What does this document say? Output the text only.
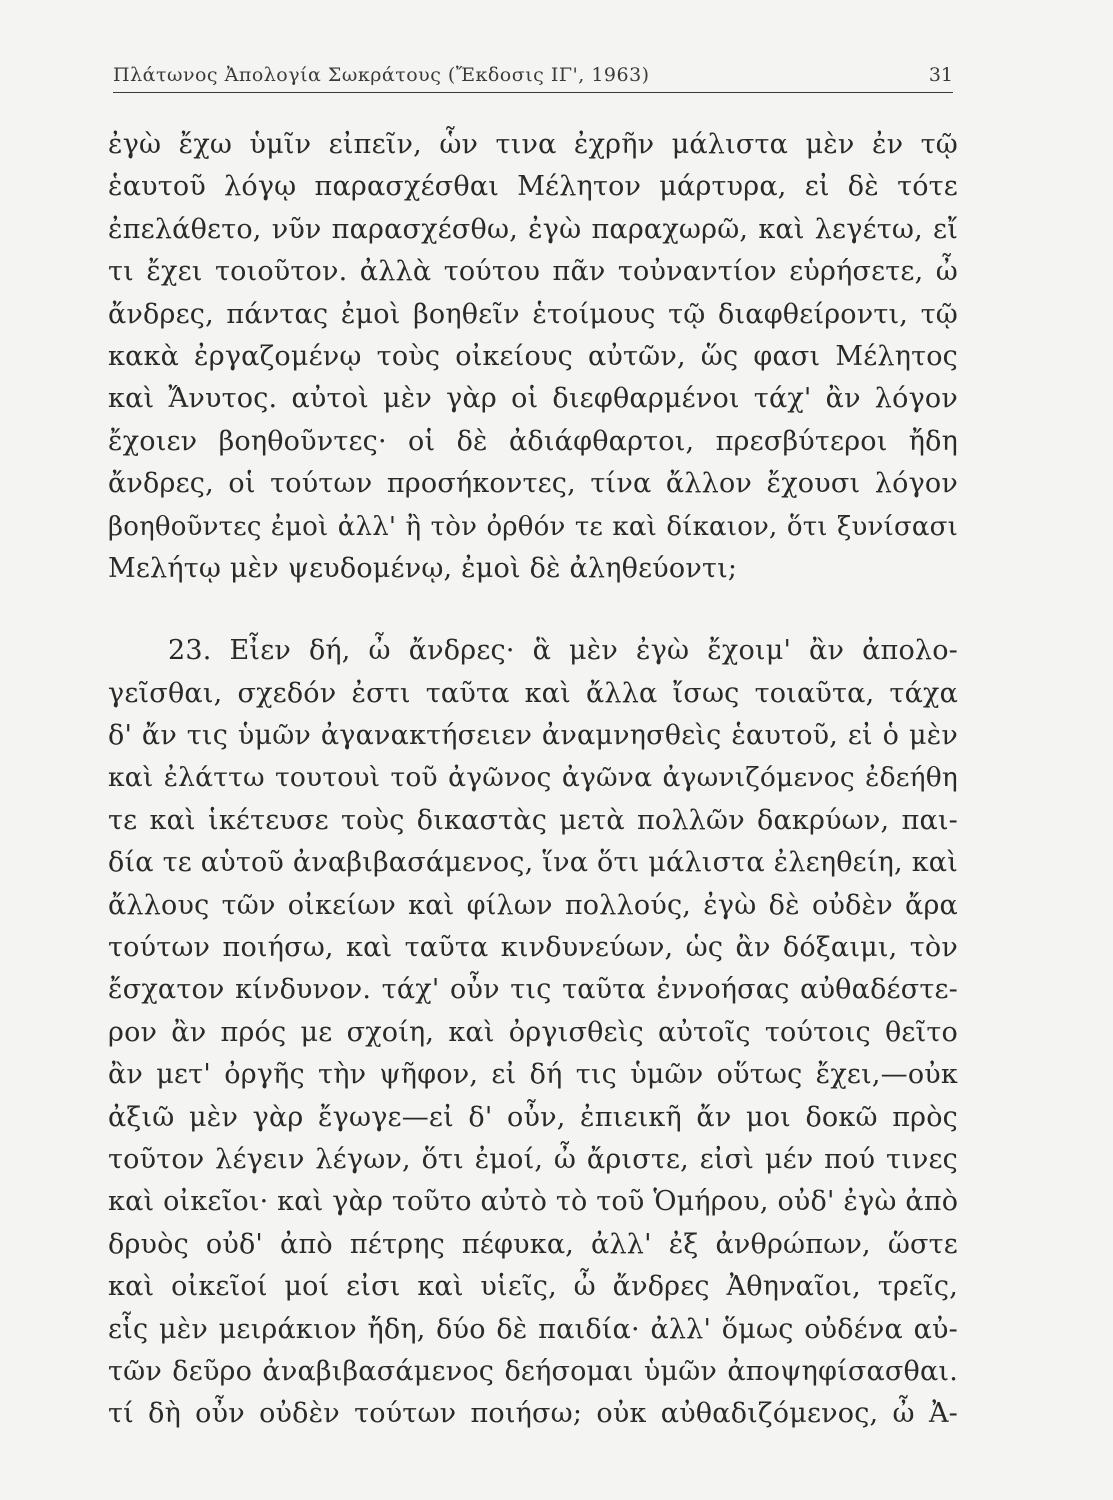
Πλάτωνος Ἀπολογία Σωκράτους (Ἔκδοσις ΙΓ', 1963)	31
ἐγὼ ἔχω ὑμῖν εἰπεῖν, ὧν τινα ἐχρῆν μάλιστα μὲν ἐν τῷ
ἑαυτοῦ λόγῳ παρασχέσθαι Μέλητον μάρτυρα, εἰ δὲ τότε
ἐπελάθετο, νῦν παρασχέσθω, ἐγὼ παραχωρῶ, καὶ λεγέτω, εἴ
τι ἔχει τοιοῦτον. ἀλλὰ τούτου πᾶν τοὐναντίον εὑρήσετε, ὦ
ἄνδρες, πάντας ἐμοὶ βοηθεῖν ἑτοίμους τῷ διαφθείροντι, τῷ
κακὰ ἐργαζομένῳ τοὺς οἰκείους αὐτῶν, ὥς φασι Μέλητος
καὶ Ἄνυτος. αὐτοὶ μὲν γὰρ οἱ διεφθαρμένοι τάχ' ἂν λόγον
ἔχοιεν βοηθοῦντες· οἱ δὲ ἀδιάφθαρτοι, πρεσβύτεροι ἤδη
ἄνδρες, οἱ τούτων προσήκοντες, τίνα ἄλλον ἔχουσι λόγον
βοηθοῦντες ἐμοὶ ἀλλ' ἢ τὸν ὀρθόν τε καὶ δίκαιον, ὅτι ξυνίσασι
Μελήτῳ μὲν ψευδομένῳ, ἐμοὶ δὲ ἀληθεύοντι;
23. Εἶεν δή, ὦ ἄνδρες· ἃ μὲν ἐγὼ ἔχοιμ' ἂν ἀπολο-
γεῖσθαι, σχεδόν ἐστι ταῦτα καὶ ἄλλα ἴσως τοιαῦτα, τάχα
δ' ἄν τις ὑμῶν ἀγανακτήσειεν ἀναμνησθεὶς ἑαυτοῦ, εἰ ὁ μὲν
καὶ ἐλάττω τουτουὶ τοῦ ἀγῶνος ἀγῶνα ἀγωνιζόμενος ἐδεήθη
τε καὶ ἱκέτευσε τοὺς δικαστὰς μετὰ πολλῶν δακρύων, παι-
δία τε αὑτοῦ ἀναβιβασάμενος, ἵνα ὅτι μάλιστα ἐλεηθείη, καὶ
ἄλλους τῶν οἰκείων καὶ φίλων πολλούς, ἐγὼ δὲ οὐδὲν ἄρα
τούτων ποιήσω, καὶ ταῦτα κινδυνεύων, ὡς ἂν δόξαιμι, τὸν
ἔσχατον κίνδυνον. τάχ' οὖν τις ταῦτα ἐννοήσας αὐθαδέστε-
ρον ἂν πρός με σχοίη, καὶ ὀργισθεὶς αὐτοῖς τούτοις θεῖτο
ἂν μετ' ὀργῆς τὴν ψῆφον, εἰ δή τις ὑμῶν οὕτως ἔχει,—οὐκ
ἀξιῶ μὲν γὰρ ἔγωγε—εἰ δ' οὖν, ἐπιεικῆ ἄν μοι δοκῶ πρὸς
τοῦτον λέγειν λέγων, ὅτι ἐμοί, ὦ ἄριστε, εἰσὶ μέν πού τινες
καὶ οἰκεῖοι· καὶ γὰρ τοῦτο αὐτὸ τὸ τοῦ Ὁμήρου, οὐδ' ἐγὼ ἀπὸ
δρυὸς οὐδ' ἀπὸ πέτρης πέφυκα, ἀλλ' ἐξ ἀνθρώπων, ὥστε
καὶ οἰκεῖοί μοί εἰσι καὶ υἱεῖς, ὦ ἄνδρες Ἀθηναῖοι, τρεῖς,
εἷς μὲν μειράκιον ἤδη, δύο δὲ παιδία· ἀλλ' ὅμως οὐδένα αὐ-
τῶν δεῦρο ἀναβιβασάμενος δεήσομαι ὑμῶν ἀποψηφίσασθαι.
τί δὴ οὖν οὐδὲν τούτων ποιήσω; οὐκ αὐθαδιζόμενος, ὦ Ἀ-
